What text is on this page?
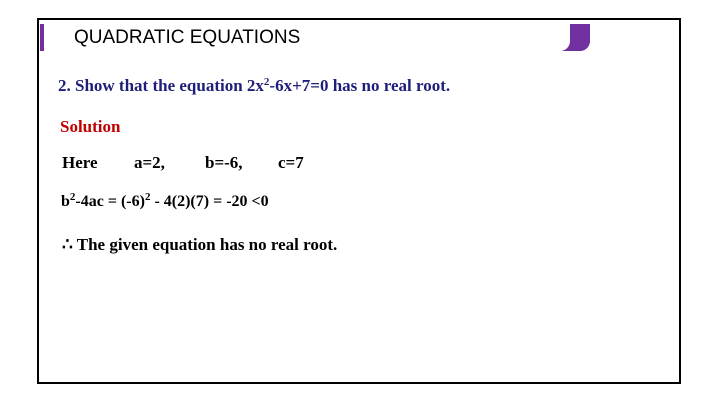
QUADRATIC EQUATIONS
2. Show that the equation $2x^2-6x+7=0$ has no real root.
Solution
Here a=2, b=-6, c=7
$b^2-4ac = (-6)^2 - 4(2)(7) = -20 <0$
∴ The given equation has no real root.
